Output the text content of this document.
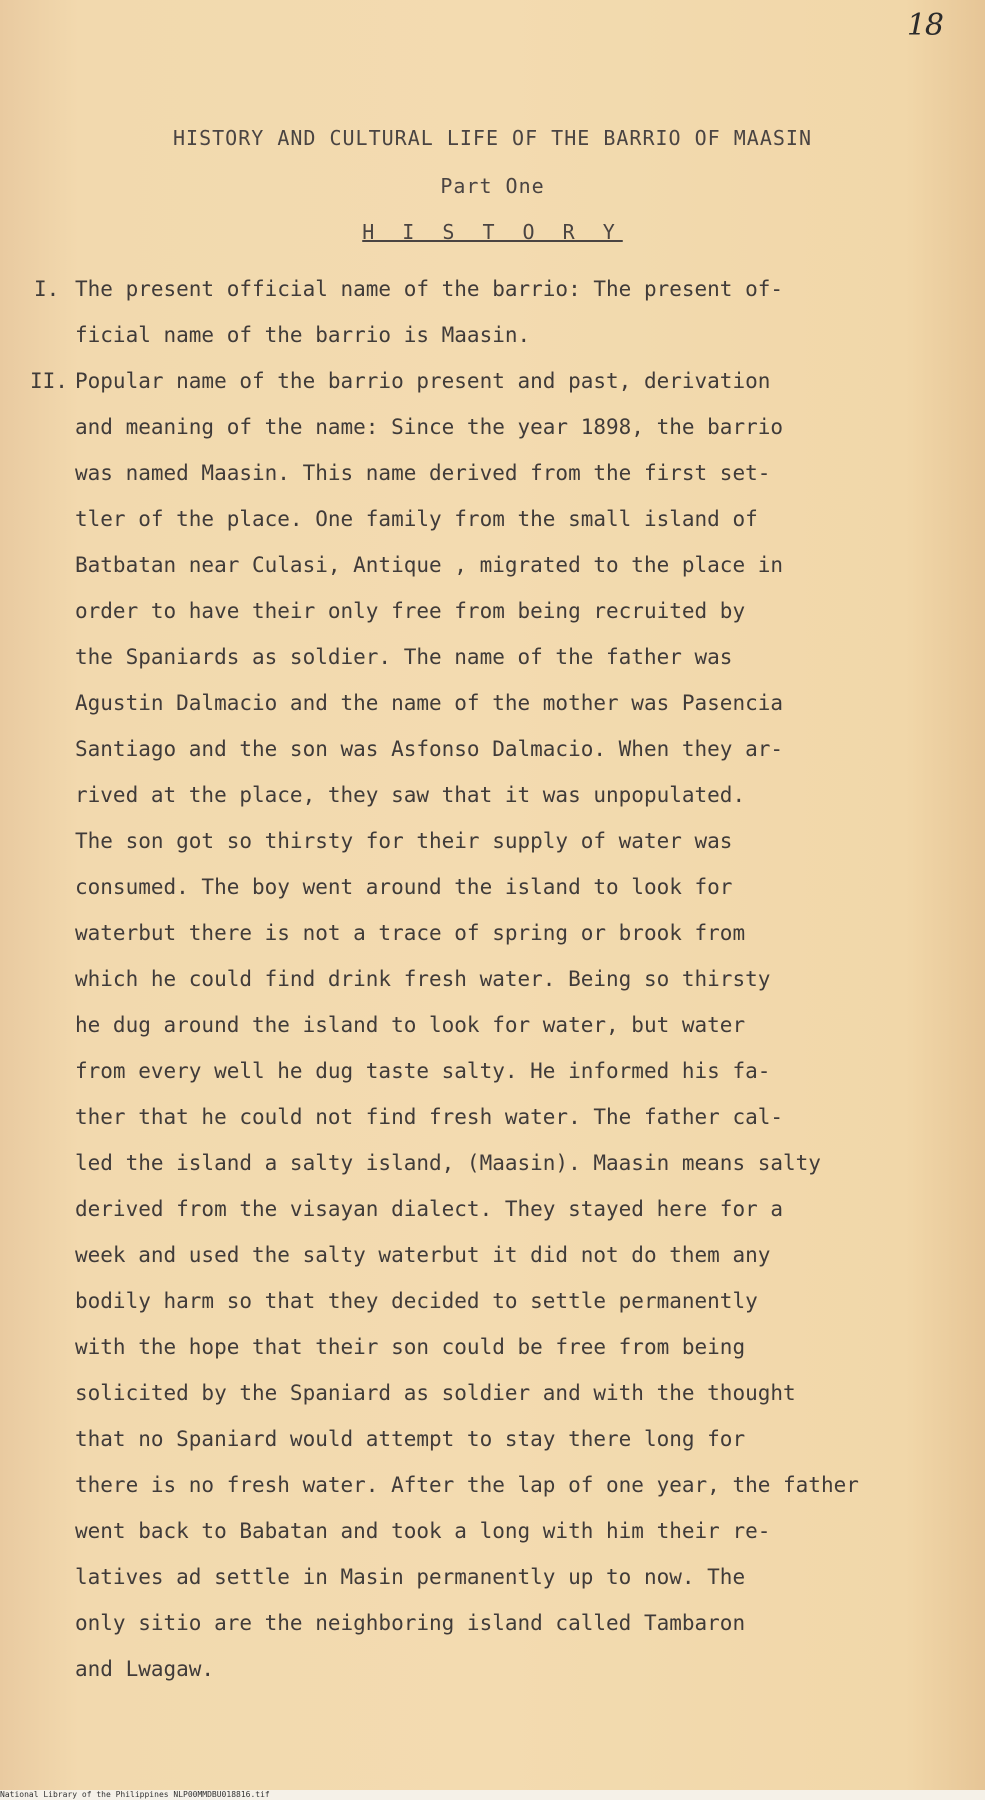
18
HISTORY AND CULTURAL LIFE OF THE BARRIO OF MAASIN
Part One
H I S T O R Y
I. The present official name of the barrio: The present of-
ficial name of the barrio is Maasin.
II. Popular name of the barrio present and past, derivation
and meaning of the name: Since the year 1898, the barrio
was named Maasin. This name derived from the first set-
tler of the place. One family from the small island of
Batbatan near Culasi, Antique , migrated to the place in
order to have their only free from being recruited by
the Spaniards as soldier. The name of the father was
Agustin Dalmacio and the name of the mother was Pasencia
Santiago and the son was Asfonso Dalmacio. When they ar-
rived at the place, they saw that it was unpopulated.
The son got so thirsty for their supply of water was
consumed. The boy went around the island to look for
waterbut there is not a trace of spring or brook from
which he could find drink fresh water. Being so thirsty
he dug around the island to look for water, but water
from every well he dug taste salty. He informed his fa-
ther that he could not find fresh water. The father cal-
led the island a salty island, (Maasin). Maasin means salty
derived from the visayan dialect. They stayed here for a
week and used the salty waterbut it did not do them any
bodily harm so that they decided to settle permanently
with the hope that their son could be free from being
solicited by the Spaniard as soldier and with the thought
that no Spaniard would attempt to stay there long for
there is no fresh water. After the lap of one year, the father
went back to Babatan and took a long with him their re-
latives ad settle in Masin permanently up to now. The
only sitio are the neighboring island called Tambaron
and Lwagaw.
National Library of the Philippines NLP00MMDBU018816.tif
